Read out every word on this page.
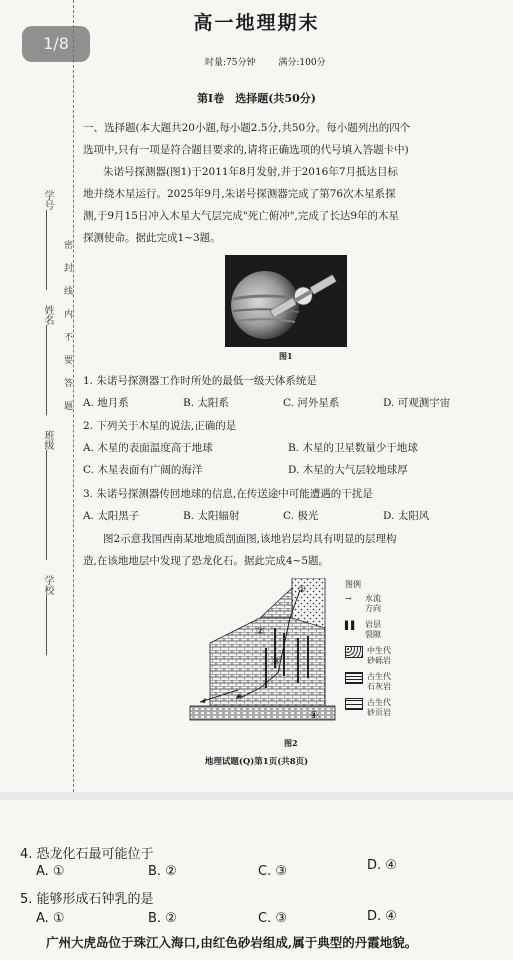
学号
姓名
班级
学校
密封线内不要答题
高一地理期末
时量:75分钟	满分:100分
第Ⅰ卷　选择题(共50分)
一、选择题(本大题共20小题,每小题2.5分,共50分。每小题列出的四个
选项中,只有一项是符合题目要求的,请将正确选项的代号填入答题卡中)
朱诺号探测器(图1)于2011年8月发射,并于2016年7月抵达目标
地并绕木星运行。2025年9月,朱诺号探测器完成了第76次木星系探
测,于9月15日冲入木星大气层完成"死亡俯冲",完成了长达9年的木星
探测使命。据此完成1~3题。
图1
1. 朱诺号探测器工作时所处的最低一级天体系统是
A. 地月系	B. 太阳系	C. 河外星系	D. 可观测宇宙
2. 下列关于木星的说法,正确的是
A. 木星的表面温度高于地球	B. 木星的卫星数量少于地球
C. 木星表面有广阔的海洋	D. 木星的大气层较地球厚
3. 朱诺号探测器传回地球的信息,在传送途中可能遭遇的干扰是
A. 太阳黑子	B. 太阳辐射	C. 极光	D. 太阳风
图2示意我国西南某地地质剖面图,该地岩层均具有明显的层理构
造,在该地地层中发现了恐龙化石。据此完成4~5题。
①
②
③
④
图例
→	水流方向
▌▌ 岩层裂隙
中生代砂砾岩
古生代石灰岩
古生代砂页岩
图2
地理试题(Q)第1页(共8页)
1/8
4. 恐龙化石最可能位于
A. ①	B. ②	C. ③	D. ④
5. 能够形成石钟乳的是
A. ①	B. ②	C. ③	D. ④
广州大虎岛位于珠江入海口,由红色砂岩组成,属于典型的丹霞地貌。
